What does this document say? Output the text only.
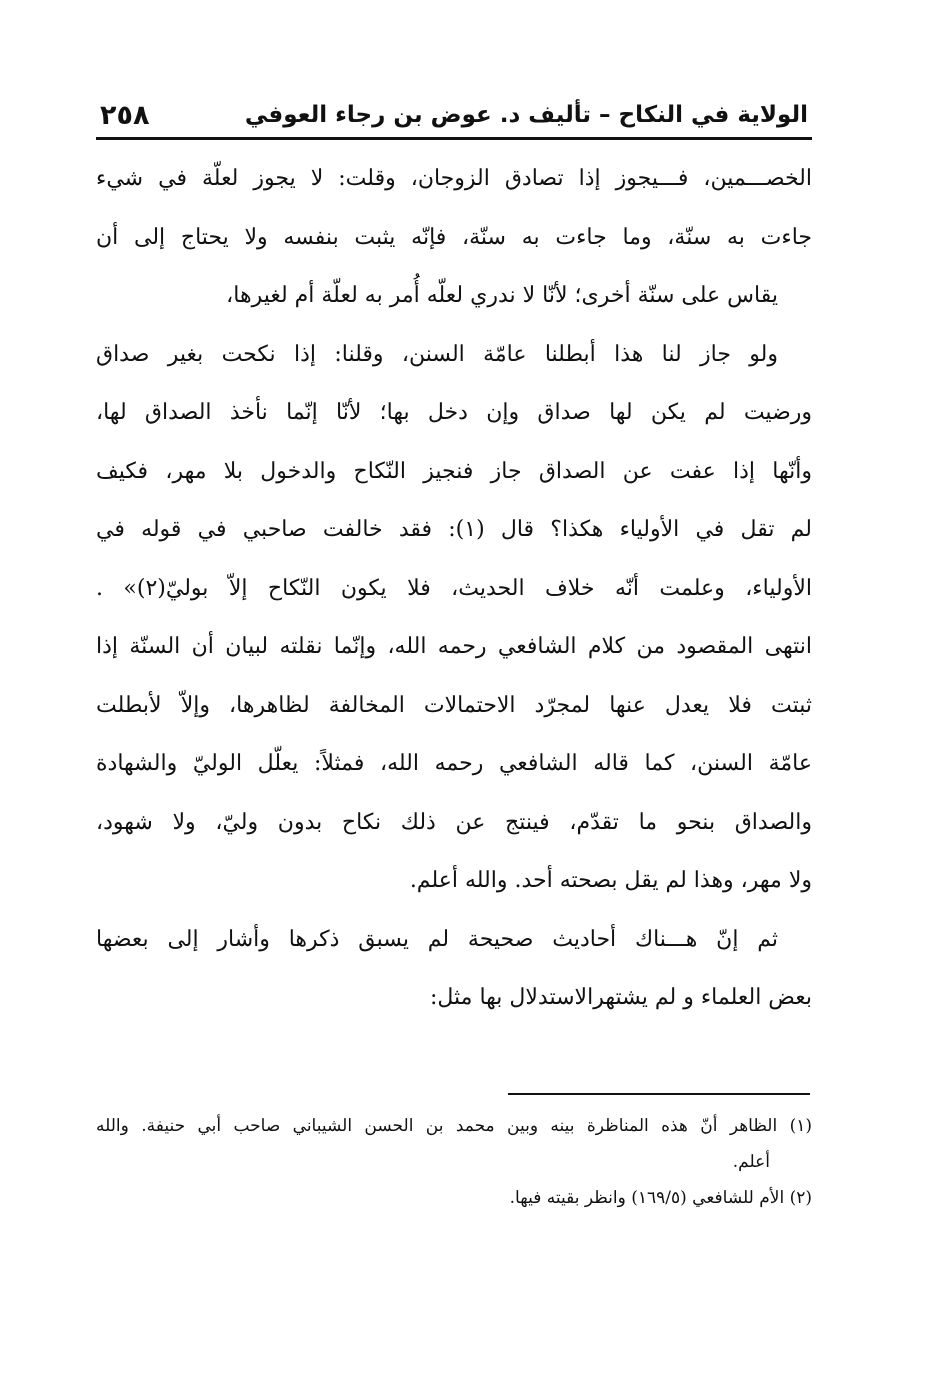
الولاية في النكاح – تأليف د. عوض بن رجاء العوفي
٢٥٨
الخصـــمين، فـــيجوز إذا تصادق الزوجان، وقلت: لا يجوز لعلّة في شيء
جاءت به سنّة، وما جاءت به سنّة، فإنّه يثبت بنفسه ولا يحتاج إلى أن
يقاس على سنّة أخرى؛ لأنّا لا ندري لعلّه أُمر به لعلّة أم لغيرها،
ولو جاز لنا هذا أبطلنا عامّة السنن، وقلنا: إذا نكحت بغير صداق
ورضيت لم يكن لها صداق وإن دخل بها؛ لأنّا إنّما نأخذ الصداق لها،
وأنّها إذا عفت عن الصداق جاز فنجيز النّكاح والدخول بلا مهر، فكيف
لم تقل في الأولياء هكذا؟ قال (١): فقد خالفت صاحبي في قوله في
الأولياء، وعلمت أنّه خلاف الحديث، فلا يكون النّكاح إلاّ بوليّ(٢)» .
انتهى المقصود من كلام الشافعي رحمه الله، وإنّما نقلته لبيان أن السنّة إذا
ثبتت فلا يعدل عنها لمجرّد الاحتمالات المخالفة لظاهرها، وإلاّ لأبطلت
عامّة السنن، كما قاله الشافعي رحمه الله، فمثلاً: يعلّل الوليّ والشهادة
والصداق بنحو ما تقدّم، فينتج عن ذلك نكاح بدون وليّ، ولا شهود،
ولا مهر، وهذا لم يقل بصحته أحد. والله أعلم.
ثم إنّ هـــناك أحاديث صحيحة لم يسبق ذكرها وأشار إلى بعضها
بعض العلماء و لم يشتهرالاستدلال بها مثل:
(١) الظاهر أنّ هذه المناظرة بينه وبين محمد بن الحسن الشيباني صاحب أبي حنيفة. والله
أعلم.
(٢) الأم للشافعي (١٦٩/٥) وانظر بقيته فيها.
